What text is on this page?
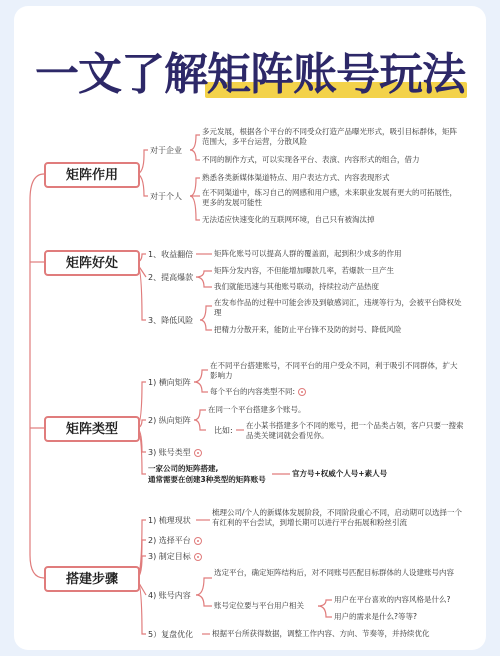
一文了解矩阵账号玩法
矩阵作用
对于企业
多元发展，根据各个平台的不同受众打造产品曝光形式，吸引目标群体，矩阵范围大，多平台运营，分散风险
不同的制作方式，可以实现各平台、表演、内容形式的组合，借力
对于个人
熟悉各类新媒体渠道特点、用户表达方式、内容表现形式
在不同渠道中，练习自己的网感和用户感，未来职业发展有更大的可拓展性，更多的发展可能性
无法适应快速变化的互联网环境，自己只有被淘汰掉
矩阵好处
1、收益翻倍	矩阵化账号可以提高人群的覆盖面，起到积少成多的作用
2、提高爆款
矩阵分发内容，不但能增加曝款几率，若爆款一旦产生
我们就能迅速与其他账号联动，持续拉动产品热度
3、降低风险
在发布作品的过程中可能会涉及到敏感词汇，违规等行为，会被平台降权处理
把精力分散开来，能防止平台锋不及防的封号、降低风险
矩阵类型
1) 横向矩阵
在不同平台搭建账号，不同平台的用户受众不同，利于吸引不同群体，扩大影响力
每个平台的内容类型不同:
2) 纵向矩阵
在同一个平台搭建多个账号。
比如:
在小某书搭建多个不同的账号，把一个品类占领，客户只要一搜索品类关键词就会看见你。
3) 账号类型
一家公司的矩阵搭建,
通常需要在创建3种类型的矩阵账号
官方号+权威个人号+素人号
搭建步骤
1) 梳理现状
梳理公司/个人的新媒体发展阶段，不同阶段重心不同，启动期可以选择一个有红利的平台尝试，到增长期可以进行平台拓展和粉丝引流
2) 选择平台
3) 制定目标
4) 账号内容
选定平台，确定矩阵结构后，对不同账号匹配目标群体的人设建账号内容
账号定位要与平台用户相关
用户在平台喜欢的内容风格是什么?
用户的需求是什么?等等?
5）复盘优化	根据平台所获得数据，调整工作内容、方向、节奏等，并持续优化
